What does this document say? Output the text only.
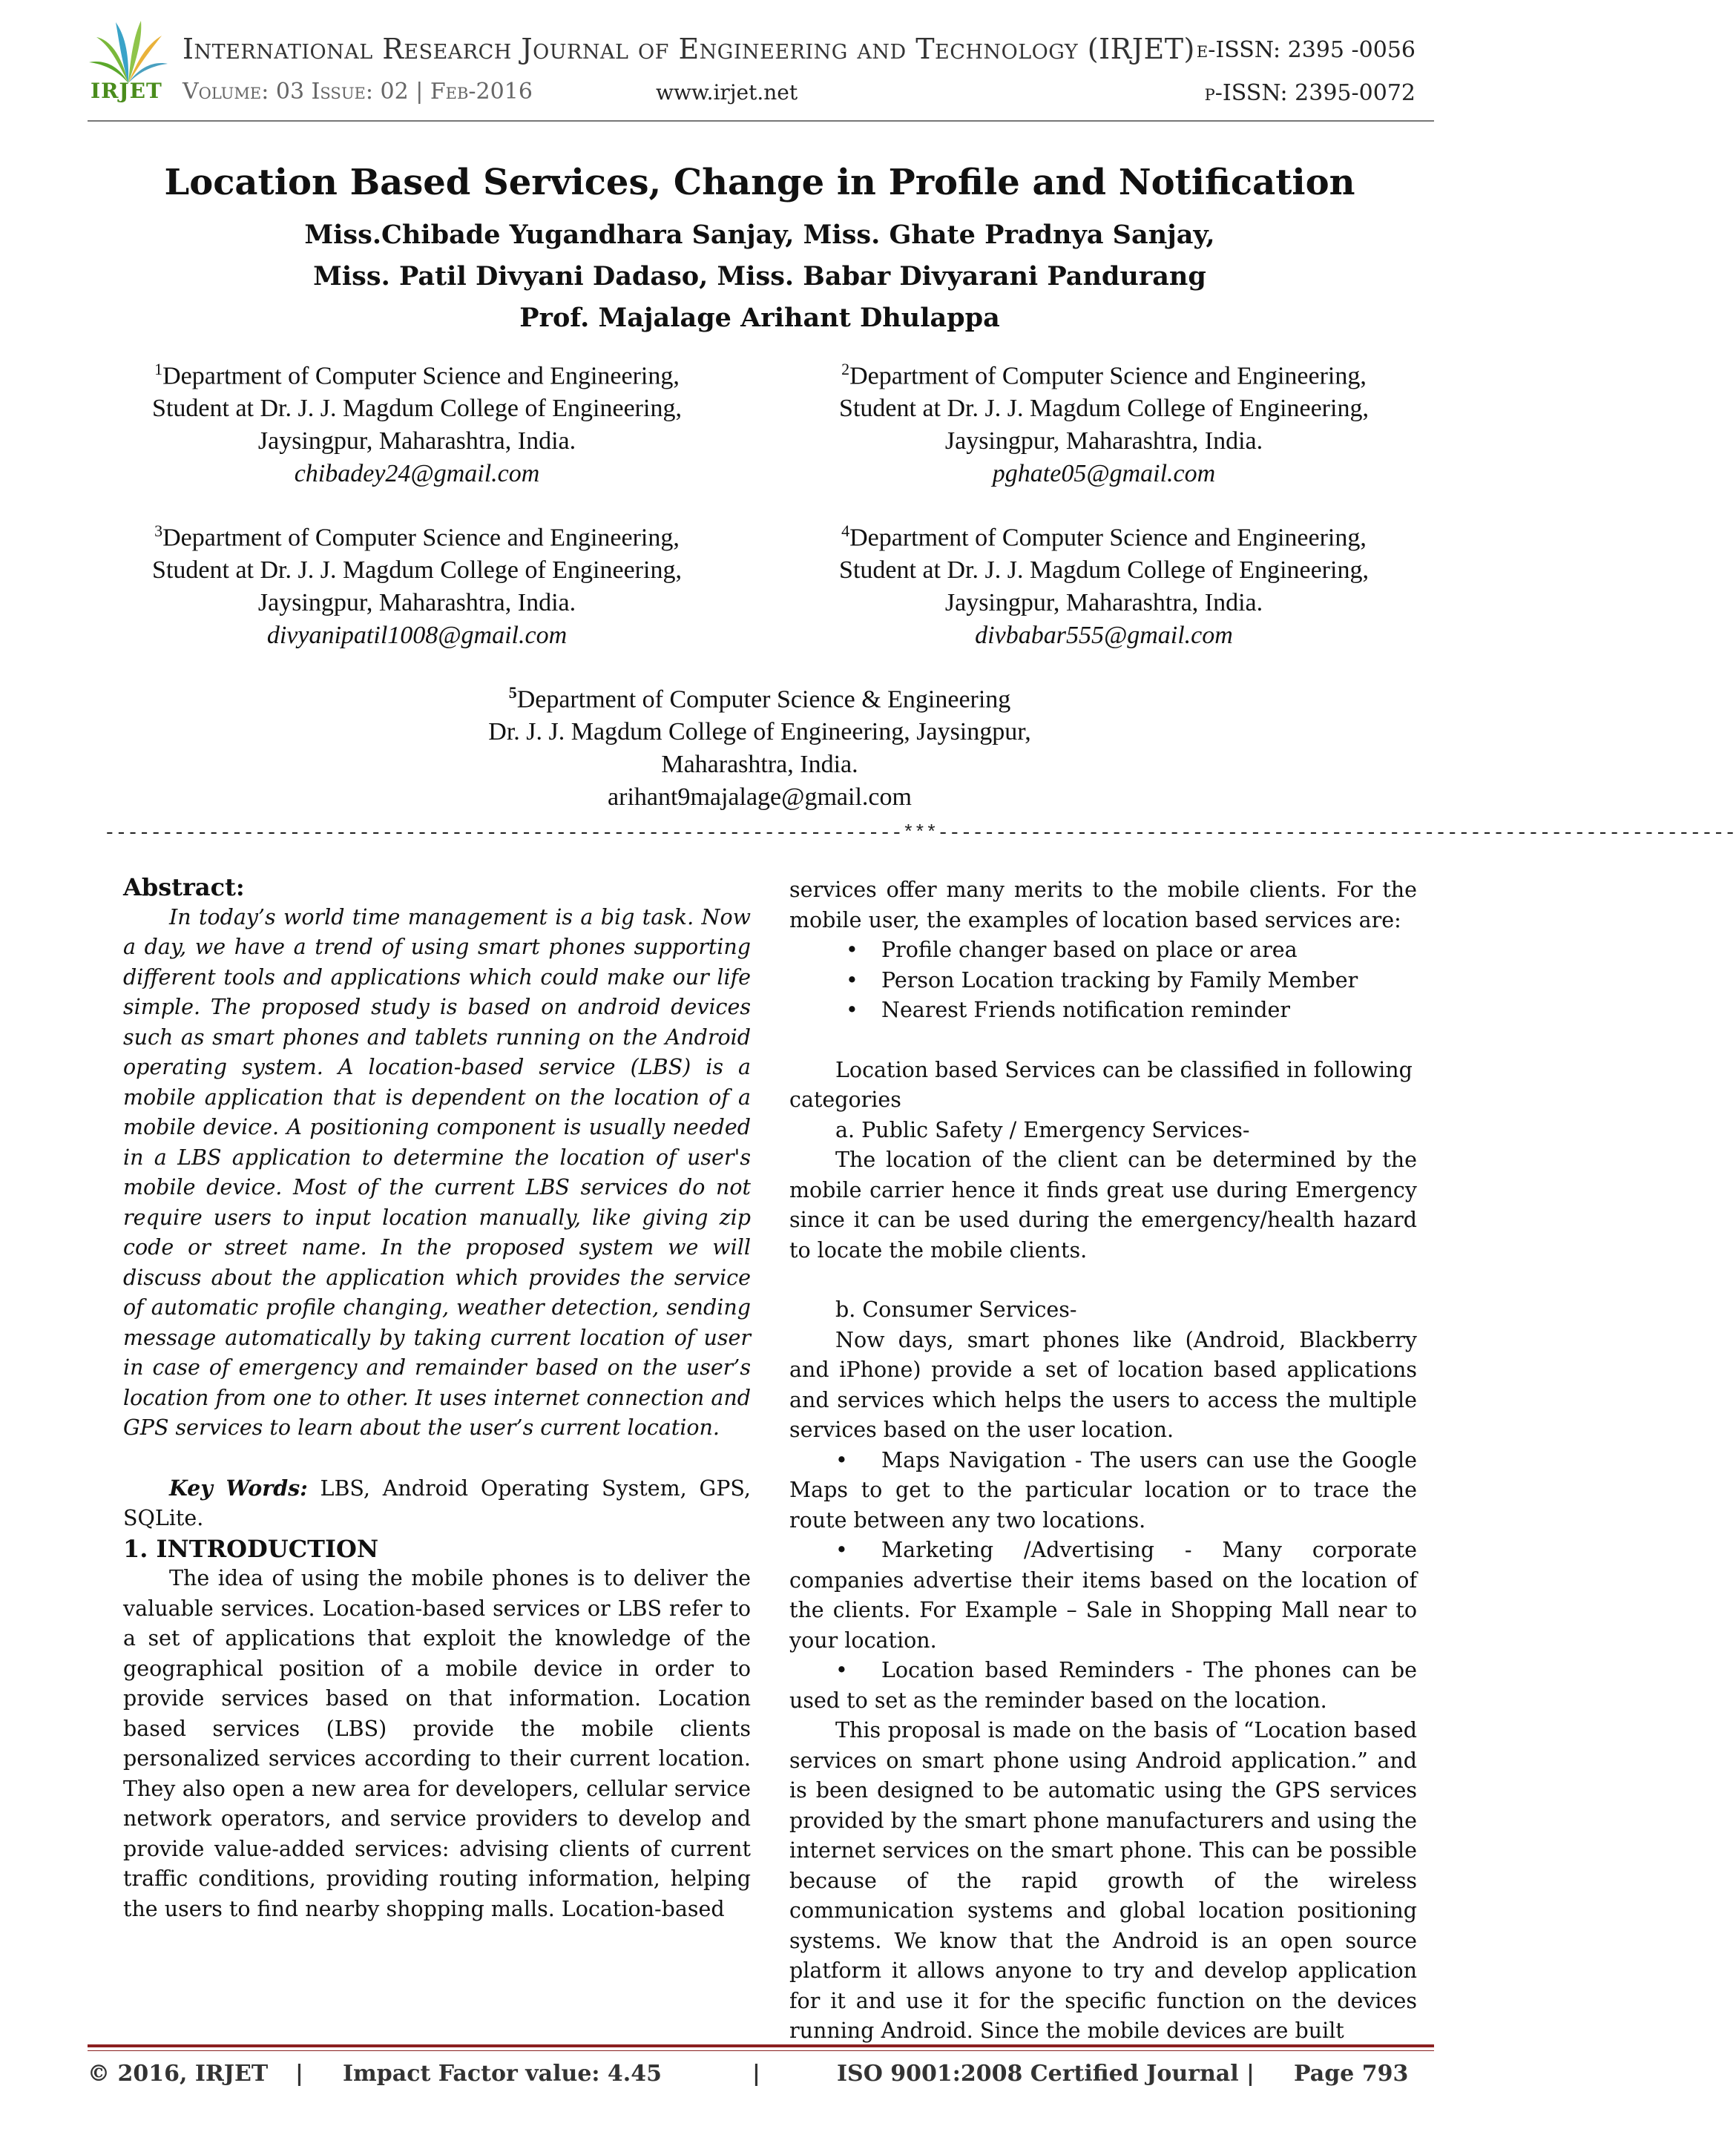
IRJET
International Research Journal of Engineering and Technology (IRJET)
Volume: 03 Issue: 02 | Feb-2016	www.irjet.net
e-ISSN: 2395 -0056
p-ISSN: 2395-0072
Location Based Services, Change in Profile and Notification
Miss.Chibade Yugandhara Sanjay, Miss. Ghate Pradnya Sanjay,
Miss. Patil Divyani Dadaso, Miss. Babar Divyarani Pandurang
Prof. Majalage Arihant Dhulappa
$^1$Department of Computer Science and Engineering,
Student at Dr. J. J. Magdum College of Engineering,
Jaysingpur, Maharashtra, India.
chibadey24@gmail.com
$^2$Department of Computer Science and Engineering,
Student at Dr. J. J. Magdum College of Engineering,
Jaysingpur, Maharashtra, India.
pghate05@gmail.com
$^3$Department of Computer Science and Engineering,
Student at Dr. J. J. Magdum College of Engineering,
Jaysingpur, Maharashtra, India.
divyanipatil1008@gmail.com
$^4$Department of Computer Science and Engineering,
Student at Dr. J. J. Magdum College of Engineering,
Jaysingpur, Maharashtra, India.
divbabar555@gmail.com
$^5$Department of Computer Science & Engineering
Dr. J. J. Magdum College of Engineering, Jaysingpur,
Maharashtra, India.
arihant9majalage@gmail.com
---------------------------------------------------------------------***---------------------------------------------------------------------

Abstract:

In today’s world time management is a big task. Now a day, we have a trend of using smart phones supporting different tools and applications which could make our life simple. The proposed study is based on android devices such as smart phones and tablets running on the Android operating system. A location-based service (LBS) is a mobile application that is dependent on the location of a mobile device. A positioning component is usually needed in a LBS application to determine the location of user's mobile device. Most of the current LBS services do not require users to input location manually, like giving zip code or street name. In the proposed system we will discuss about the application which provides the service of automatic profile changing, weather detection, sending message automatically by taking current location of user in case of emergency and remainder based on the user’s location from one to other. It uses internet connection and GPS services to learn about the user’s current location.

Key Words: LBS, Android Operating System, GPS, SQLite.

1. INTRODUCTION

The idea of using the mobile phones is to deliver the valuable services. Location-based services or LBS refer to a set of applications that exploit the knowledge of the geographical position of a mobile device in order to provide services based on that information. Location based services (LBS) provide the mobile clients personalized services according to their current location. They also open a new area for developers, cellular service network operators, and service providers to develop and provide value-added services: advising clients of current traffic conditions, providing routing information, helping the users to find nearby shopping malls. Location-based

services offer many merits to the mobile clients. For the mobile user, the examples of location based services are:

• Profile changer based on place or area
• Person Location tracking by Family Member
• Nearest Friends notification reminder

Location based Services can be classified in following categories

a. Public Safety / Emergency Services-

The location of the client can be determined by the mobile carrier hence it finds great use during Emergency since it can be used during the emergency/health hazard to locate the mobile clients.

b. Consumer Services-

Now days, smart phones like (Android, Blackberry and iPhone) provide a set of location based applications and services which helps the users to access the multiple services based on the user location.

• Maps Navigation - The users can use the Google Maps to get to the particular location or to trace the route between any two locations.

• Marketing /Advertising - Many corporate companies advertise their items based on the location of the clients. For Example – Sale in Shopping Mall near to your location.

• Location based Reminders - The phones can be used to set as the reminder based on the location.

This proposal is made on the basis of “Location based services on smart phone using Android application.” and is been designed to be automatic using the GPS services provided by the smart phone manufacturers and using the internet services on the smart phone. This can be possible because of the rapid growth of the wireless communication systems and global location positioning systems. We know that the Android is an open source platform it allows anyone to try and develop application for it and use it for the specific function on the devices running Android. Since the mobile devices are built

© 2016, IRJET | Impact Factor value: 4.45	|	ISO 9001:2008 Certified Journal | Page 793
